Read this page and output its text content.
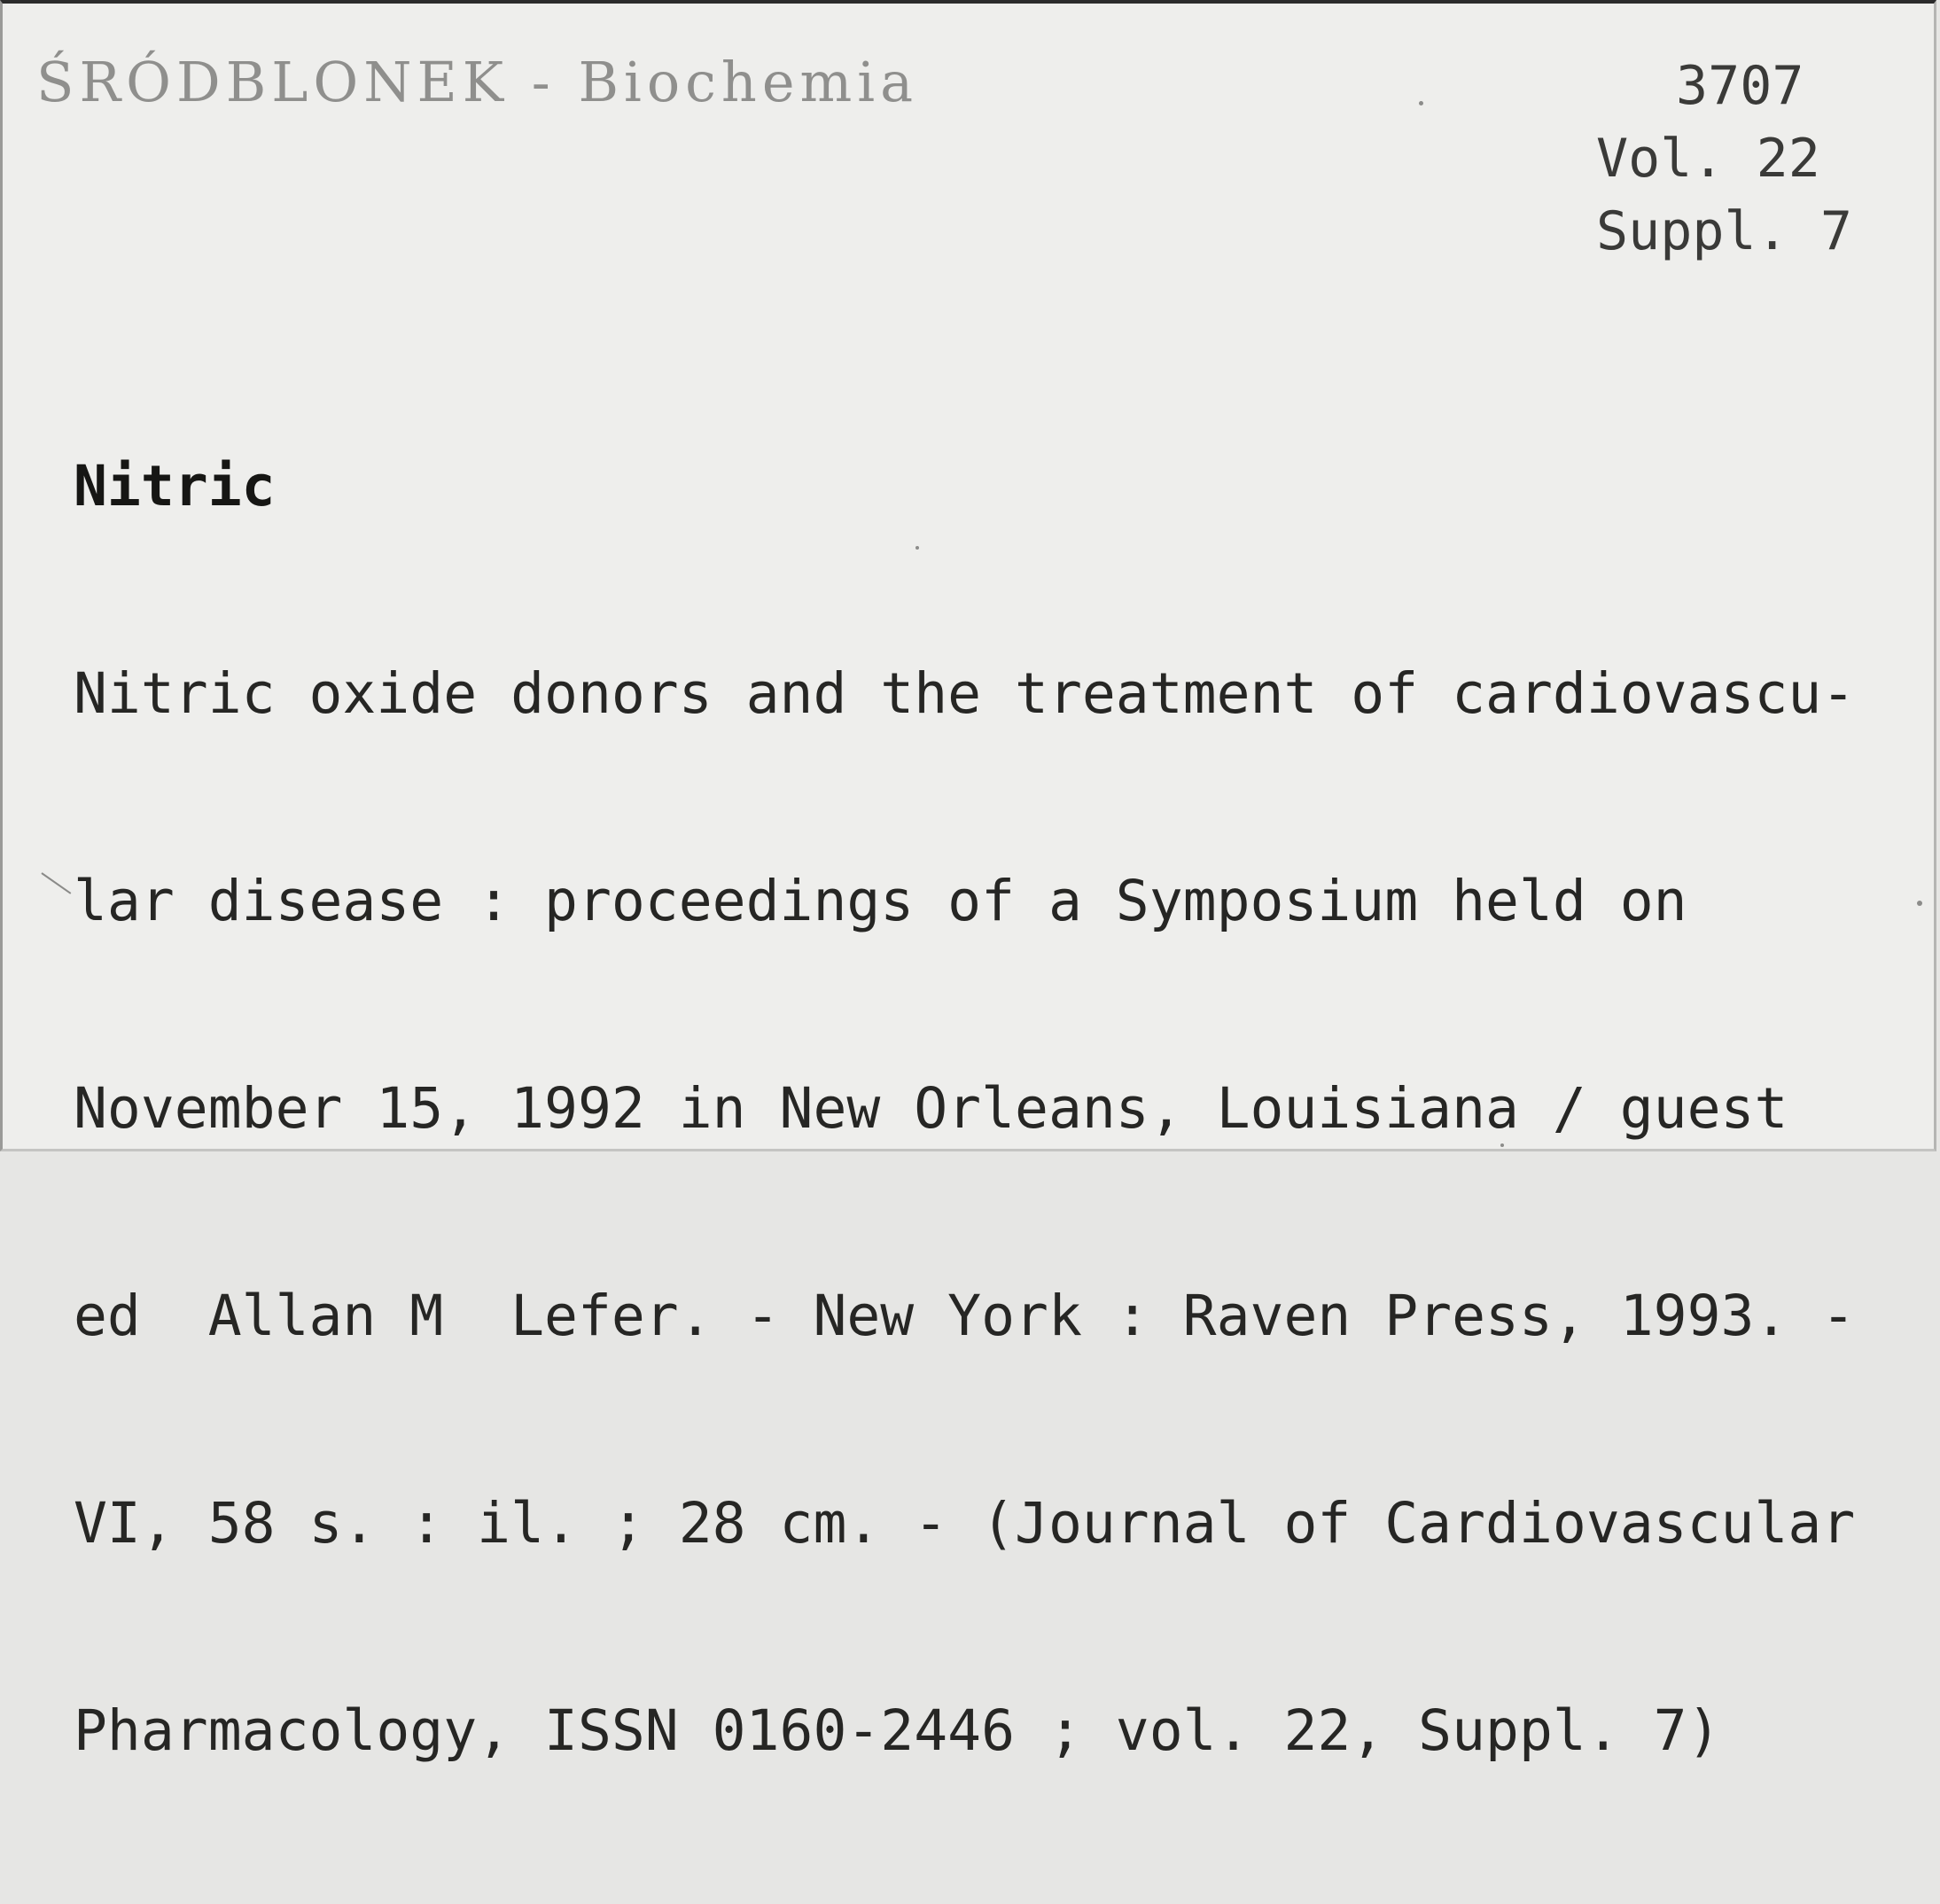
ŚRÓDBLONEK - Biochemia	3707
Vol. 22
Suppl. 7

Nitric

Nitric oxide donors and the treatment of cardiovascu-

lar disease : proceedings of a Symposium held on

November 15, 1992 in New Orleans, Louisiana / guest

ed  Allan M  Lefer. - New York : Raven Press, 1993. -

VI, 58 s. : il. ; 28 cm. - (Journal of Cardiovascular

Pharmacology, ISSN 0160-2446 ; vol. 22, Suppl. 7)
